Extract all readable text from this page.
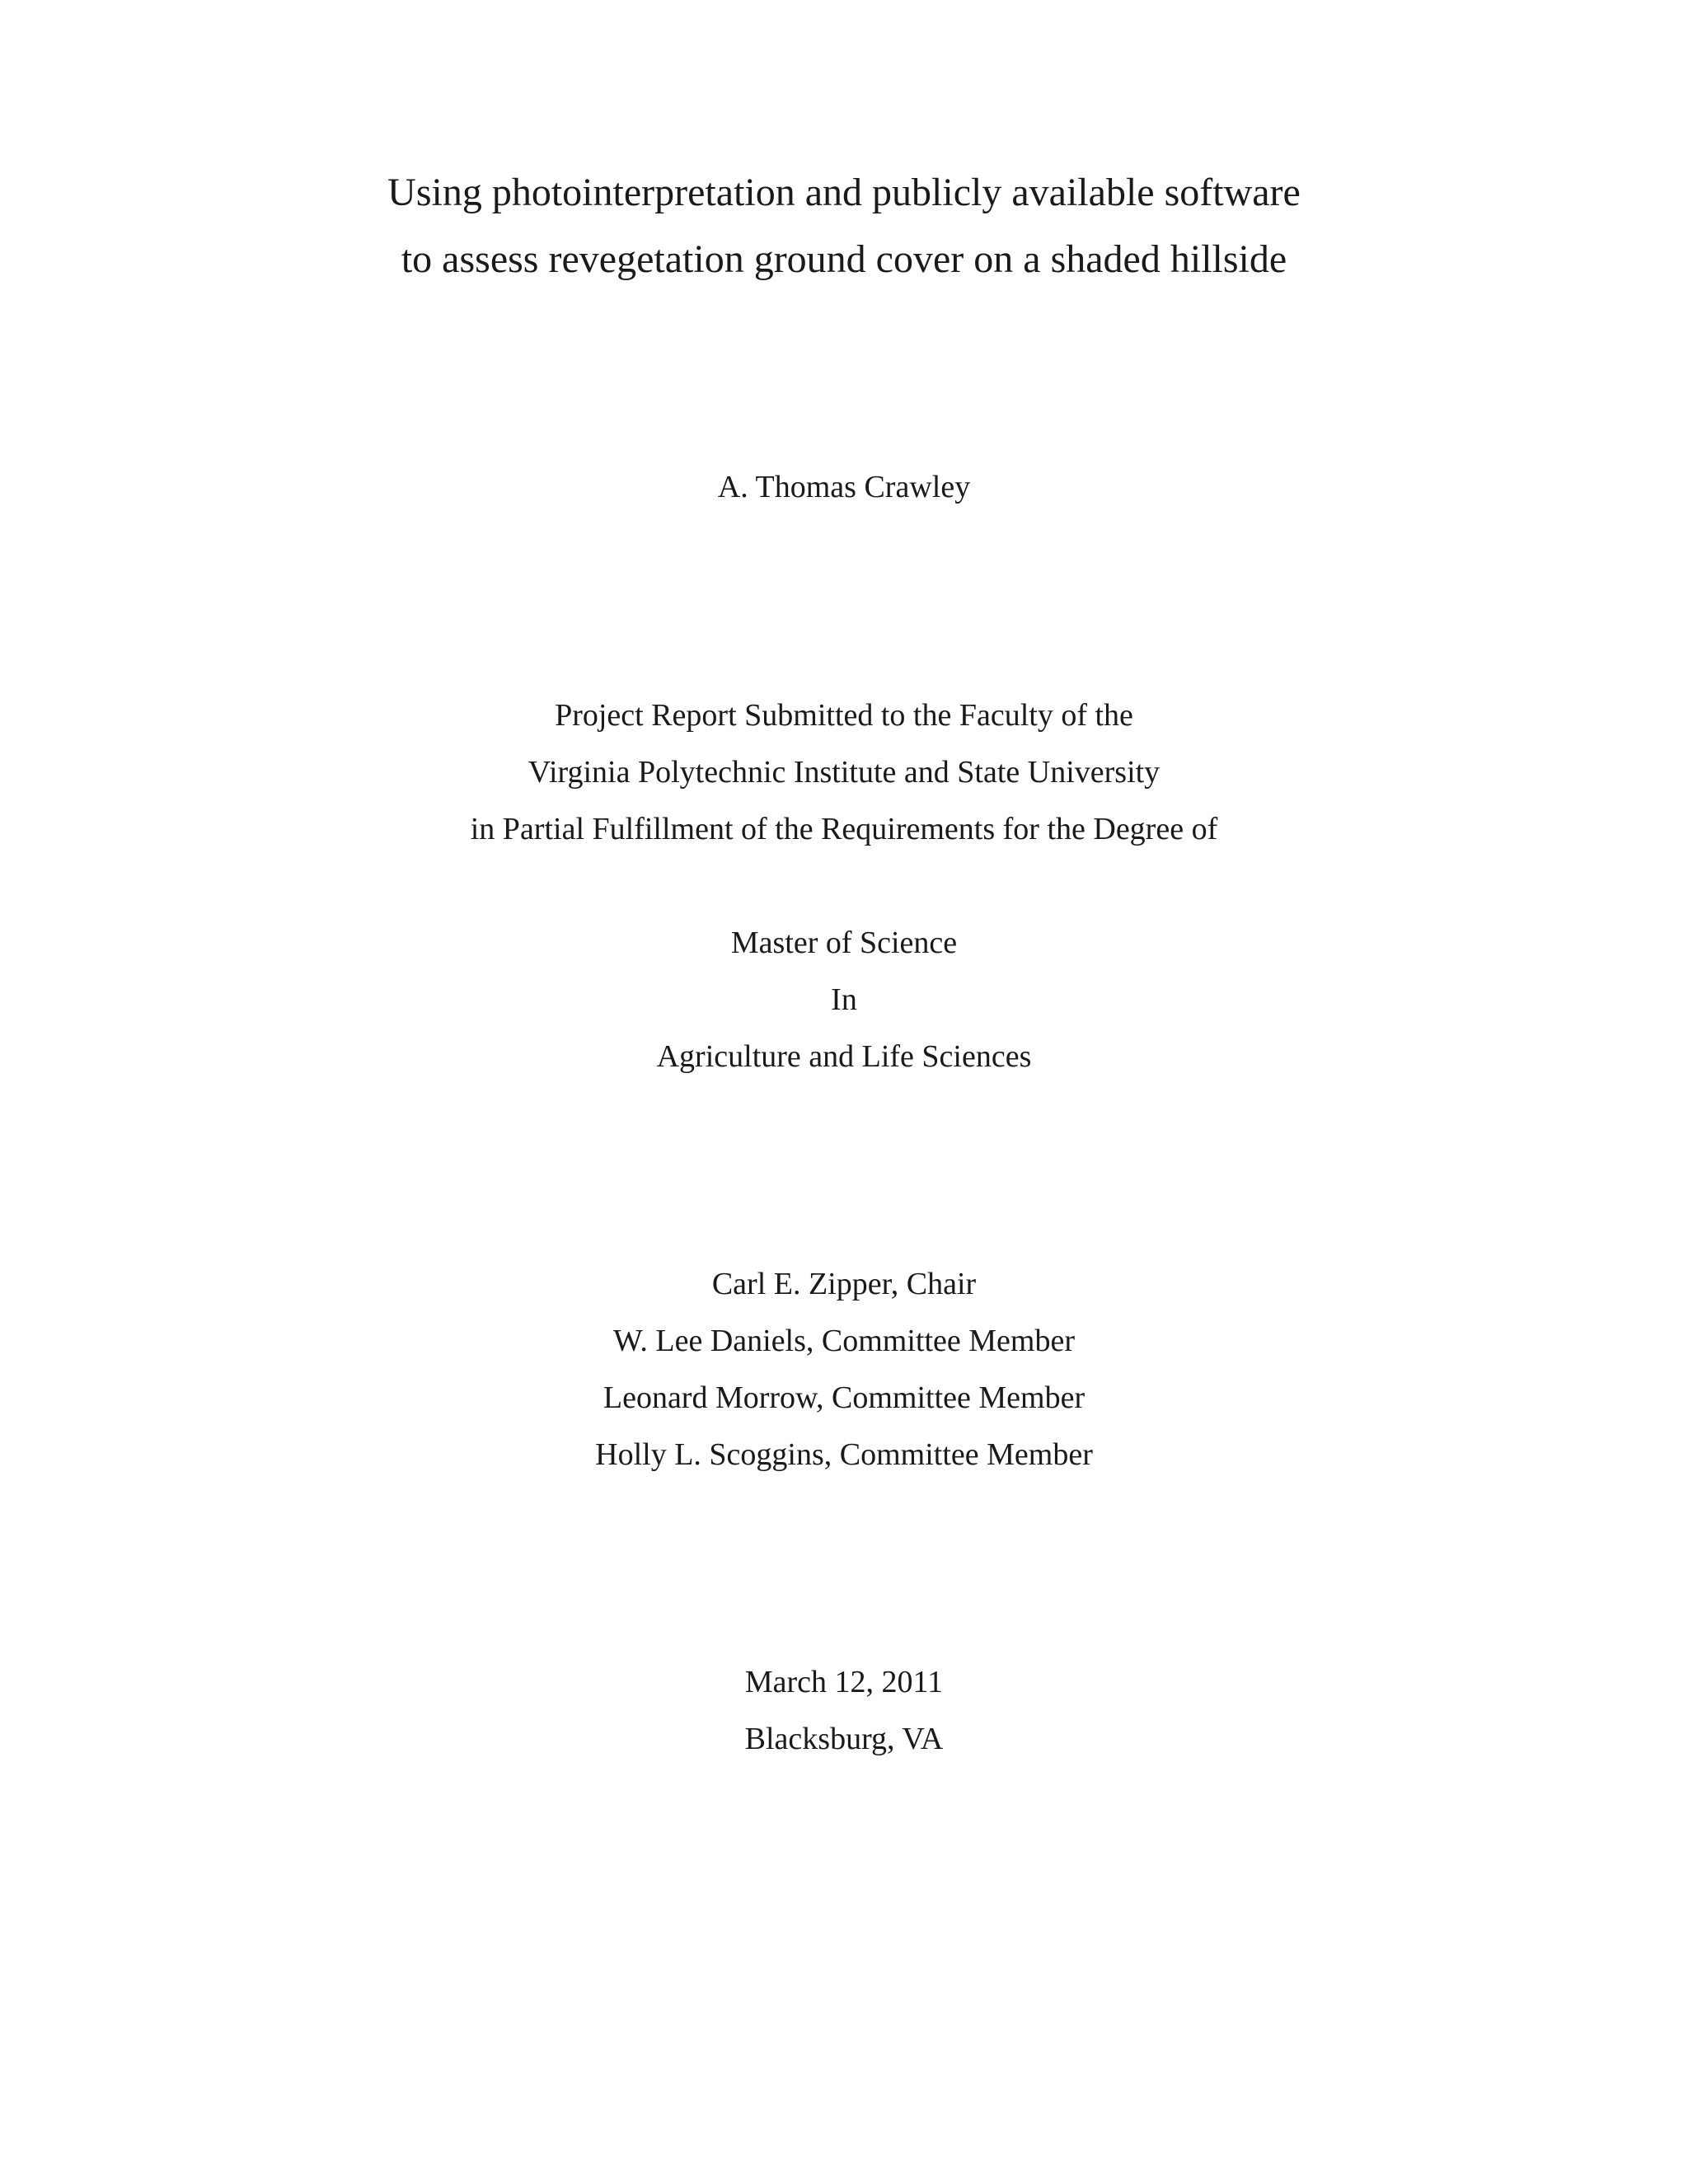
Using photointerpretation and publicly available software
to assess revegetation ground cover on a shaded hillside
A. Thomas Crawley
Project Report Submitted to the Faculty of the
Virginia Polytechnic Institute and State University
in Partial Fulfillment of the Requirements for the Degree of
Master of Science
In
Agriculture and Life Sciences
Carl E. Zipper, Chair
W. Lee Daniels, Committee Member
Leonard Morrow, Committee Member
Holly L. Scoggins, Committee Member
March 12, 2011
Blacksburg, VA
